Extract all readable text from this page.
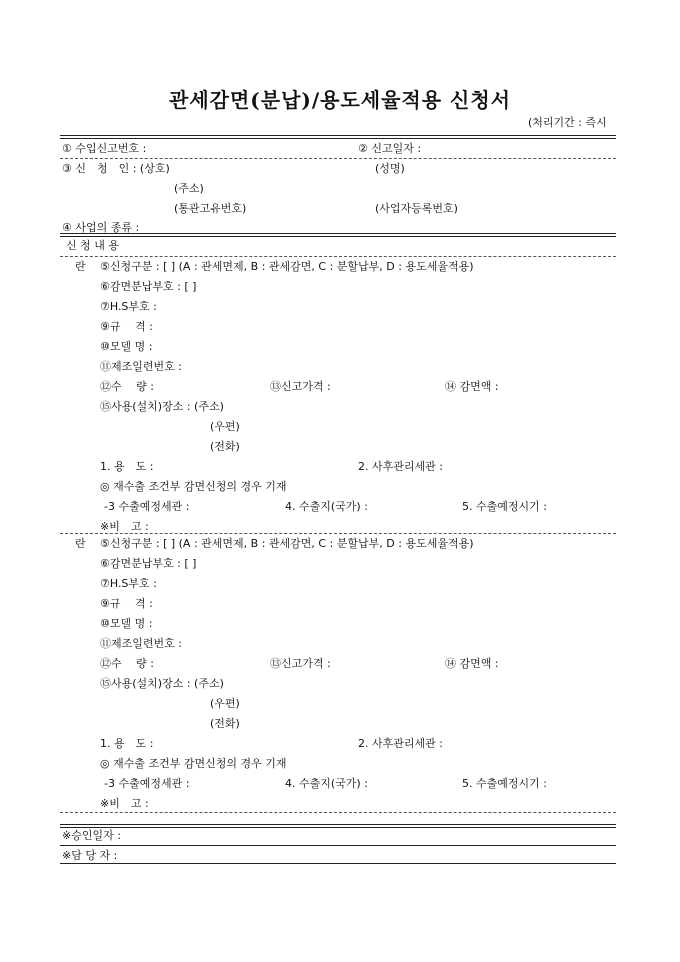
관세감면(분납)/용도세율적용 신청서
(처리기간 : 즉시
① 수입신고번호 :	② 신고일자 :
③ 신　청　인 : (상호)	(성명)
(주소)
(통관고유번호)	(사업자등록번호)
④ 사업의 종류 :
신 청 내 용
란 ⑤신청구분 : [ ] (A : 관세면제, B : 관세감면, C : 분할납부, D : 용도세율적용)
⑥감면분납부호 : [ ]
⑦H.S부호 :
⑨규　 격 :
⑩모델 명 :
⑪제조일련번호 :
⑫수　 량 :	⑬신고가격 :	⑭ 감면액 :
⑮사용(설치)장소 : (주소)
(우편)
(전화)
1. 용　도 :	2. 사후관리세관 :
◎ 재수출 조건부 감면신청의 경우 기재
-3 수출예정세관 :	4. 수출지(국가) :	5. 수출예정시기 :
※비　고 :
란 ⑤신청구분 : [ ] (A : 관세면제, B : 관세감면, C : 분할납부, D : 용도세율적용)
⑥감면분납부호 : [ ]
⑦H.S부호 :
⑨규　 격 :
⑩모델 명 :
⑪제조일련번호 :
⑫수　 량 :	⑬신고가격 :	⑭ 감면액 :
⑮사용(설치)장소 : (주소)
(우편)
(전화)
1. 용　도 :	2. 사후관리세관 :
◎ 재수출 조건부 감면신청의 경우 기재
-3 수출예정세관 :	4. 수출지(국가) :	5. 수출예정시기 :
※비　고 :
※승인일자 :
※담 당 자 :
